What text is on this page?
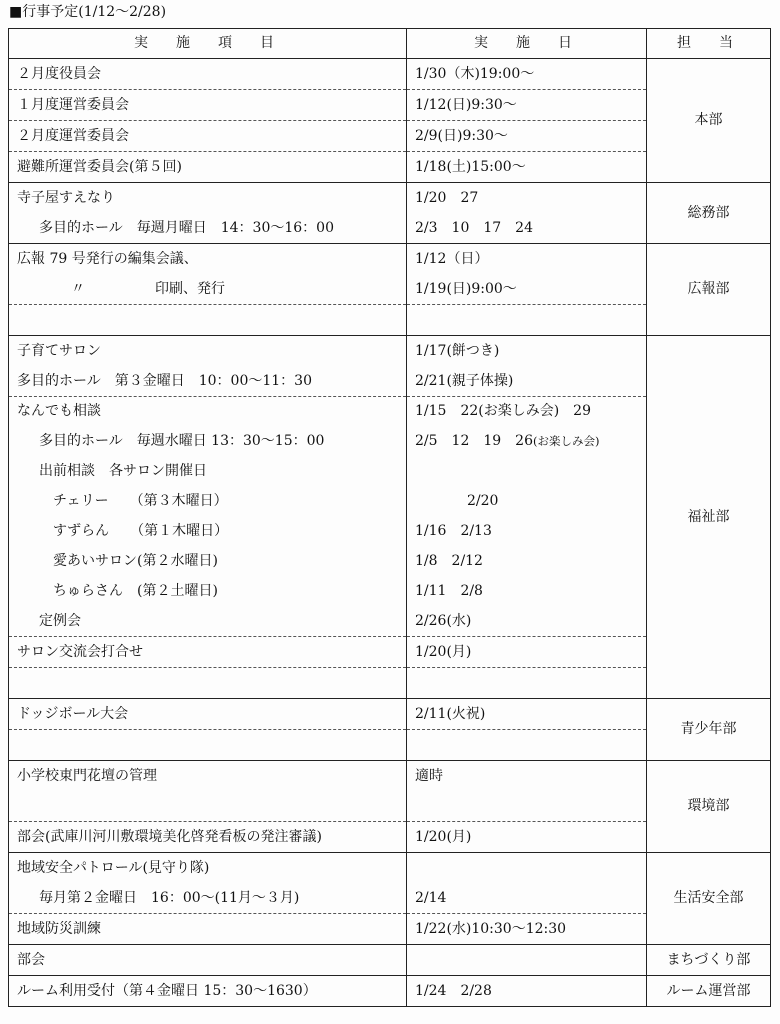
■行事予定(1/12～2/28)
実　施　項　目	実　施　日	担　当
２月度役員会	1/30（木)19:00～	本部
１月度運営委員会	1/12(日)9:30～	
２月度運営委員会	2/9(日)9:30～	
避難所運営委員会(第５回)	1/18(土)15:00～	
寺子屋すえなり	1/20　27	総務部
多目的ホール　毎週月曜日　14：30～16：00	2/3　10　17　24	
広報 79 号発行の編集会議、	1/12（日）	広報部
〃 印刷、発行	1/19(日)9:00～	

子育てサロン	1/17(餅つき)	福祉部
多目的ホール　第３金曜日　10：00～11：30	2/21(親子体操)	
なんでも相談	1/15　22(お楽しみ会)　29	
多目的ホール　毎週水曜日 13：30～15：00	2/5　12　19　26(お楽しみ会)	
出前相談　各サロン開催日		
チェリー　　（第３木曜日）	2/20	
すずらん　　（第１木曜日）	1/16　2/13	
愛あいサロン(第２水曜日)	1/8　2/12	
ちゅらさん　(第２土曜日)	1/11　2/8	
定例会	2/26(水)	
サロン交流会打合せ	1/20(月)	

ドッジボール大会	2/11(火祝)	青少年部

小学校東門花壇の管理	適時	環境部

部会(武庫川河川敷環境美化啓発看板の発注審議)	1/20(月)	
地域安全パトロール(見守り隊)		生活安全部
毎月第２金曜日　16：00～(11月～３月)	2/14	
地域防災訓練	1/22(水)10:30～12:30	
部会		まちづくり部
ルーム利用受付（第４金曜日 15：30～1630）	1/24　2/28	ルーム運営部
